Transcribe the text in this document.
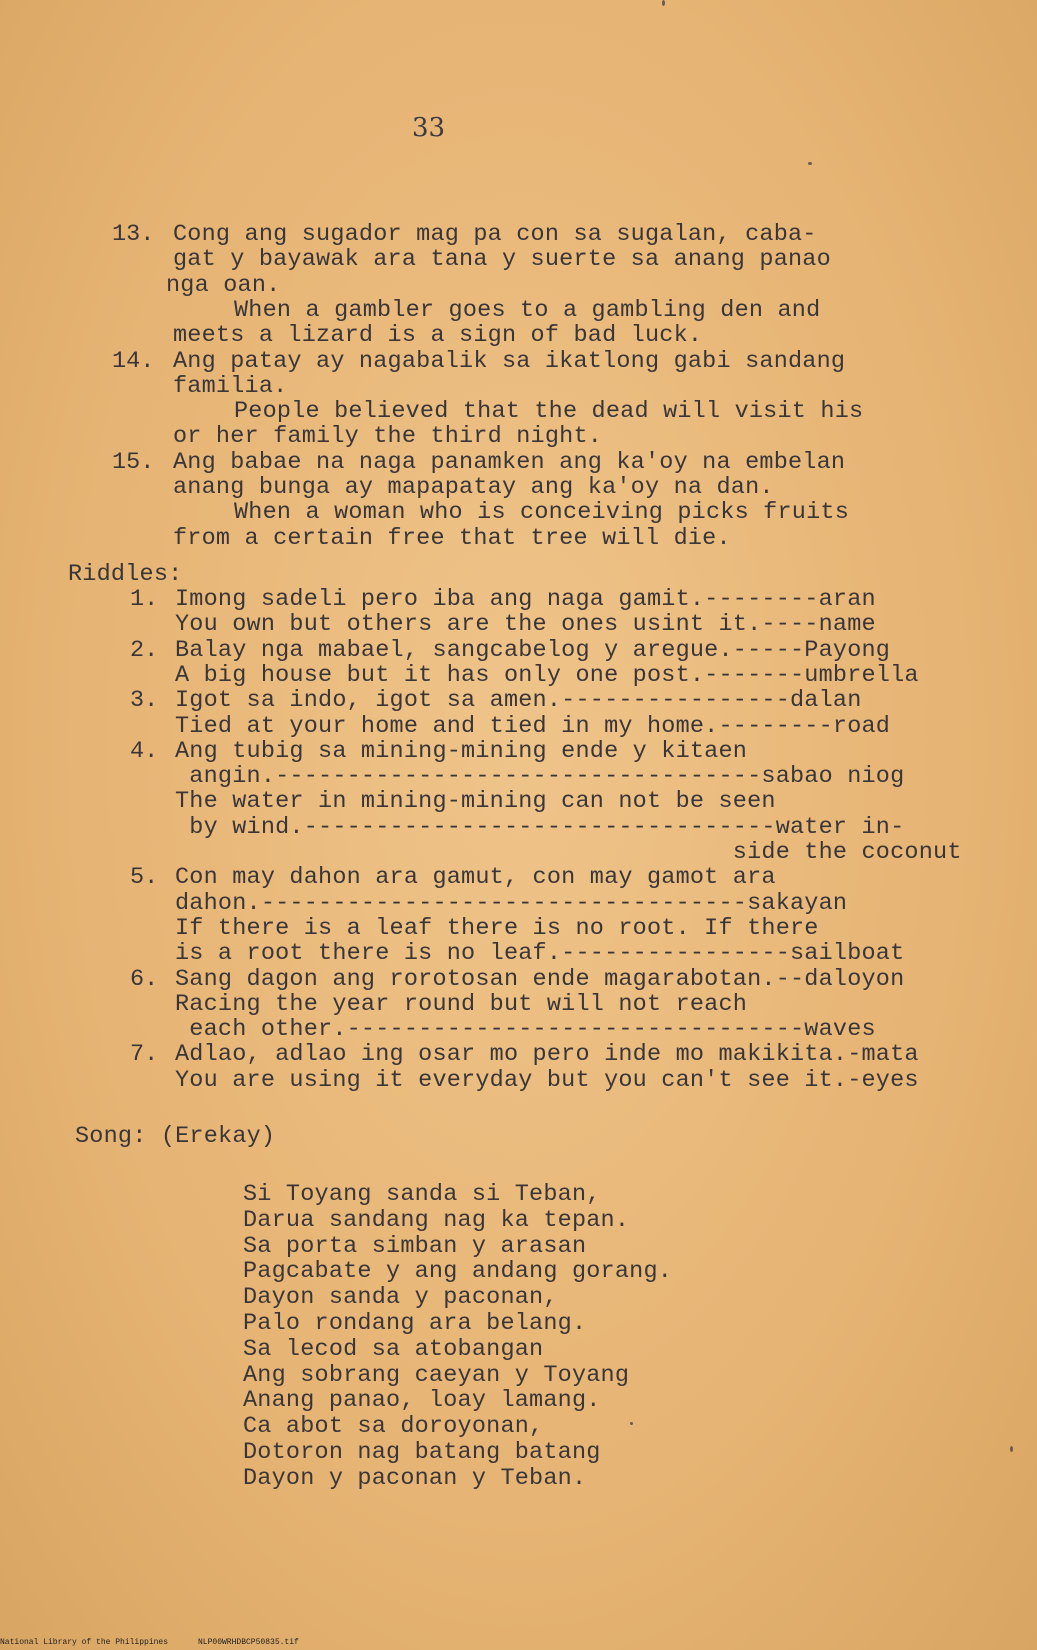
33
13. Cong ang sugador mag pa con sa sugalan, caba-
gat y bayawak ara tana y suerte sa anang panao
nga oan.
When a gambler goes to a gambling den and
meets a lizard is a sign of bad luck.
14. Ang patay ay nagabalik sa ikatlong gabi sandang
familia.
People believed that the dead will visit his
or her family the third night.
15. Ang babae na naga panamken ang ka'oy na embelan
anang bunga ay mapapatay ang ka'oy na dan.
When a woman who is conceiving picks fruits
from a certain free that tree will die.
Riddles:
1. Imong sadeli pero iba ang naga gamit.--------aran
You own but others are the ones usint it.----name
2. Balay nga mabael, sangcabelog y aregue.-----Payong
A big house but it has only one post.-------umbrella
3. Igot sa indo, igot sa amen.----------------dalan
Tied at your home and tied in my home.--------road
4. Ang tubig sa mining-mining ende y kitaen
angin.----------------------------------sabao niog
The water in mining-mining can not be seen
by wind.---------------------------------water in-
side the coconut
5. Con may dahon ara gamut, con may gamot ara
dahon.----------------------------------sakayan
If there is a leaf there is no root. If there
is a root there is no leaf.----------------sailboat
6. Sang dagon ang rorotosan ende magarabotan.--daloyon
Racing the year round but will not reach
each other.--------------------------------waves
7. Adlao, adlao ing osar mo pero inde mo makikita.-mata
You are using it everyday but you can't see it.-eyes
Song: (Erekay)
Si Toyang sanda si Teban,
Darua sandang nag ka tepan.
Sa porta simban y arasan
Pagcabate y ang andang gorang.
Dayon sanda y paconan,
Palo rondang ara belang.
Sa lecod sa atobangan
Ang sobrang caeyan y Toyang
Anang panao, loay lamang.
Ca abot sa doroyonan,
Dotoron nag batang batang
Dayon y paconan y Teban.
National Library of the Philippines	NLP00WRHDBCP50835.tif
